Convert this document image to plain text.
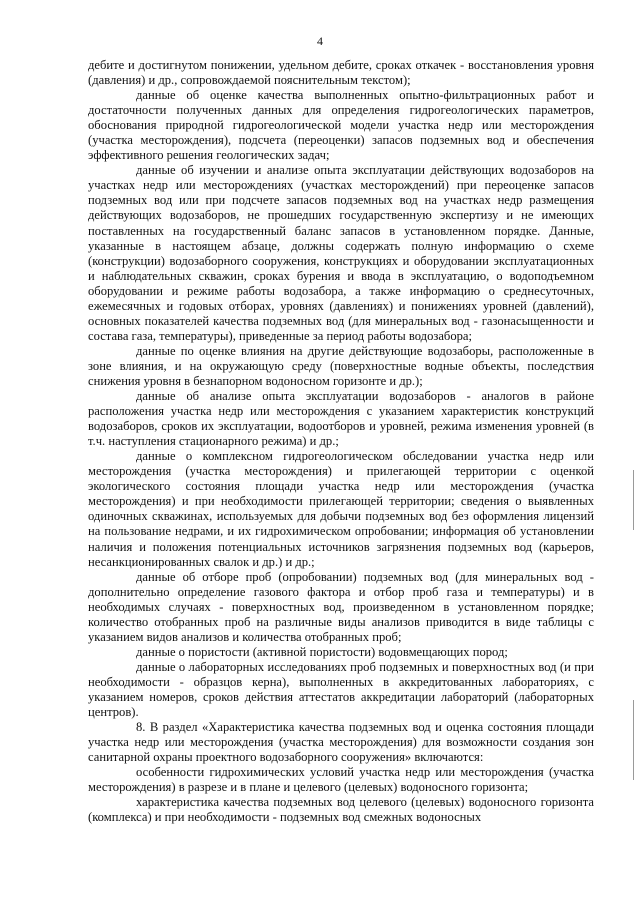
4

дебите и достигнутом понижении, удельном дебите, сроках откачек - восстановления уровня (давления) и др., сопровождаемой пояснительным текстом);

данные об оценке качества выполненных опытно-фильтрационных работ и достаточности полученных данных для определения гидрогеологических параметров, обоснования природной гидрогеологической модели участка недр или месторождения (участка месторождения), подсчета (переоценки) запасов подземных вод и обеспечения эффективного решения геологических задач;

данные об изучении и анализе опыта эксплуатации действующих водозаборов на участках недр или месторождениях (участках месторождений) при переоценке запасов подземных вод или при подсчете запасов подземных вод на участках недр размещения действующих водозаборов, не прошедших государственную экспертизу и не имеющих поставленных на государственный баланс запасов в установленном порядке. Данные, указанные в настоящем абзаце, должны содержать полную информацию о схеме (конструкции) водозаборного сооружения, конструкциях и оборудовании эксплуатационных и наблюдательных скважин, сроках бурения и ввода в эксплуатацию, о водоподъемном оборудовании и режиме работы водозабора, а также информацию о среднесуточных, ежемесячных и годовых отборах, уровнях (давлениях) и понижениях уровней (давлений), основных показателей качества подземных вод (для минеральных вод - газонасыщенности и состава газа, температуры), приведенные за период работы водозабора;

данные по оценке влияния на другие действующие водозаборы, расположенные в зоне влияния, и на окружающую среду (поверхностные водные объекты, последствия снижения уровня в безнапорном водоносном горизонте и др.);

данные об анализе опыта эксплуатации водозаборов - аналогов в районе расположения участка недр или месторождения с указанием характеристик конструкций водозаборов, сроков их эксплуатации, водоотборов и уровней, режима изменения уровней (в т.ч. наступления стационарного режима) и др.;

данные о комплексном гидрогеологическом обследовании участка недр или месторождения (участка месторождения) и прилегающей территории с оценкой экологического состояния площади участка недр или месторождения (участка месторождения) и при необходимости прилегающей территории; сведения о выявленных одиночных скважинах, используемых для добычи подземных вод без оформления лицензий на пользование недрами, и их гидрохимическом опробовании; информация об установлении наличия и положения потенциальных источников загрязнения подземных вод (карьеров, несанкционированных свалок и др.) и др.;

данные об отборе проб (опробовании) подземных вод (для минеральных вод - дополнительно определение газового фактора и отбор проб газа и температуры) и в необходимых случаях - поверхностных вод, произведенном в установленном порядке; количество отобранных проб на различные виды анализов приводится в виде таблицы с указанием видов анализов и количества отобранных проб;

данные о пористости (активной пористости) водовмещающих пород;

данные о лабораторных исследованиях проб подземных и поверхностных вод (и при необходимости - образцов керна), выполненных в аккредитованных лабораториях, с указанием номеров, сроков действия аттестатов аккредитации лабораторий (лабораторных центров).

8. В раздел «Характеристика качества подземных вод и оценка состояния площади участка недр или месторождения (участка месторождения) для возможности создания зон санитарной охраны проектного водозаборного сооружения» включаются:

особенности гидрохимических условий участка недр или месторождения (участка месторождения) в разрезе и в плане и целевого (целевых) водоносного горизонта;

характеристика качества подземных вод целевого (целевых) водоносного горизонта (комплекса) и при необходимости - подземных вод смежных водоносных
